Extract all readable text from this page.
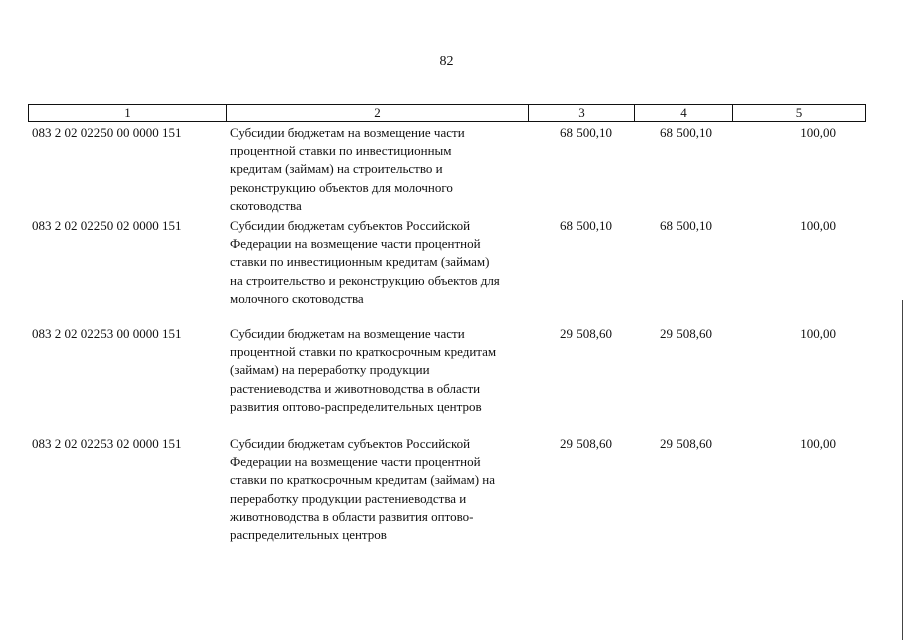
82
1	2	3	4	5
083 2 02 02250 00 0000 151	Субсидии бюджетам на возмещение части
процентной ставки по инвестиционным
кредитам (займам) на строительство и
реконструкцию объектов для молочного
скотоводства
68 500,10	68 500,10	100,00
083 2 02 02250 02 0000 151	Субсидии бюджетам субъектов Российской
Федерации на возмещение части процентной
ставки по инвестиционным кредитам (займам)
на строительство и реконструкцию объектов для
молочного скотоводства
68 500,10	68 500,10	100,00
083 2 02 02253 00 0000 151	Субсидии бюджетам на возмещение части
процентной ставки по краткосрочным кредитам
(займам) на переработку продукции
растениеводства и животноводства в области
развития оптово-распределительных центров
29 508,60	29 508,60	100,00
083 2 02 02253 02 0000 151	Субсидии бюджетам субъектов Российской
Федерации на возмещение части процентной
ставки по краткосрочным кредитам (займам) на
переработку продукции растениеводства и
животноводства в области развития оптово-
распределительных центров
29 508,60	29 508,60	100,00
